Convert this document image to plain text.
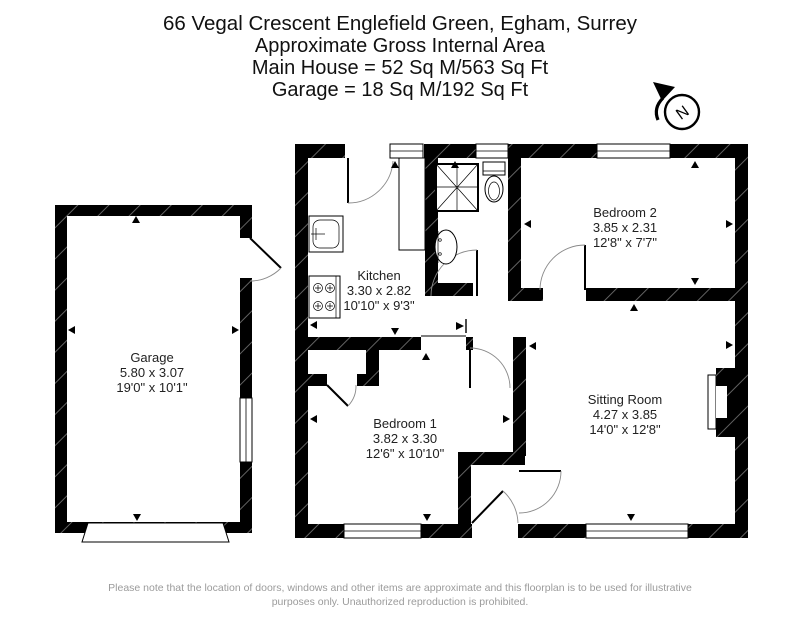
66 Vegal Crescent Englefield Green, Egham, Surrey
Approximate Gross Internal Area
Main House = 52 Sq M/563 Sq Ft
Garage = 18 Sq M/192 Sq Ft
N
Garage
5.80 x 3.07
19'0" x 10'1"
Kitchen
3.30 x 2.82
10'10" x 9'3"
Bedroom 2
3.85 x 2.31
12'8" x 7'7"
Sitting Room
4.27 x 3.85
14'0" x 12'8"
Bedroom 1
3.82 x 3.30
12'6" x 10'10"
Please note that the location of doors, windows and other items are approximate and this floorplan is to be used for illustrative
purposes only. Unauthorized reproduction is prohibited.
